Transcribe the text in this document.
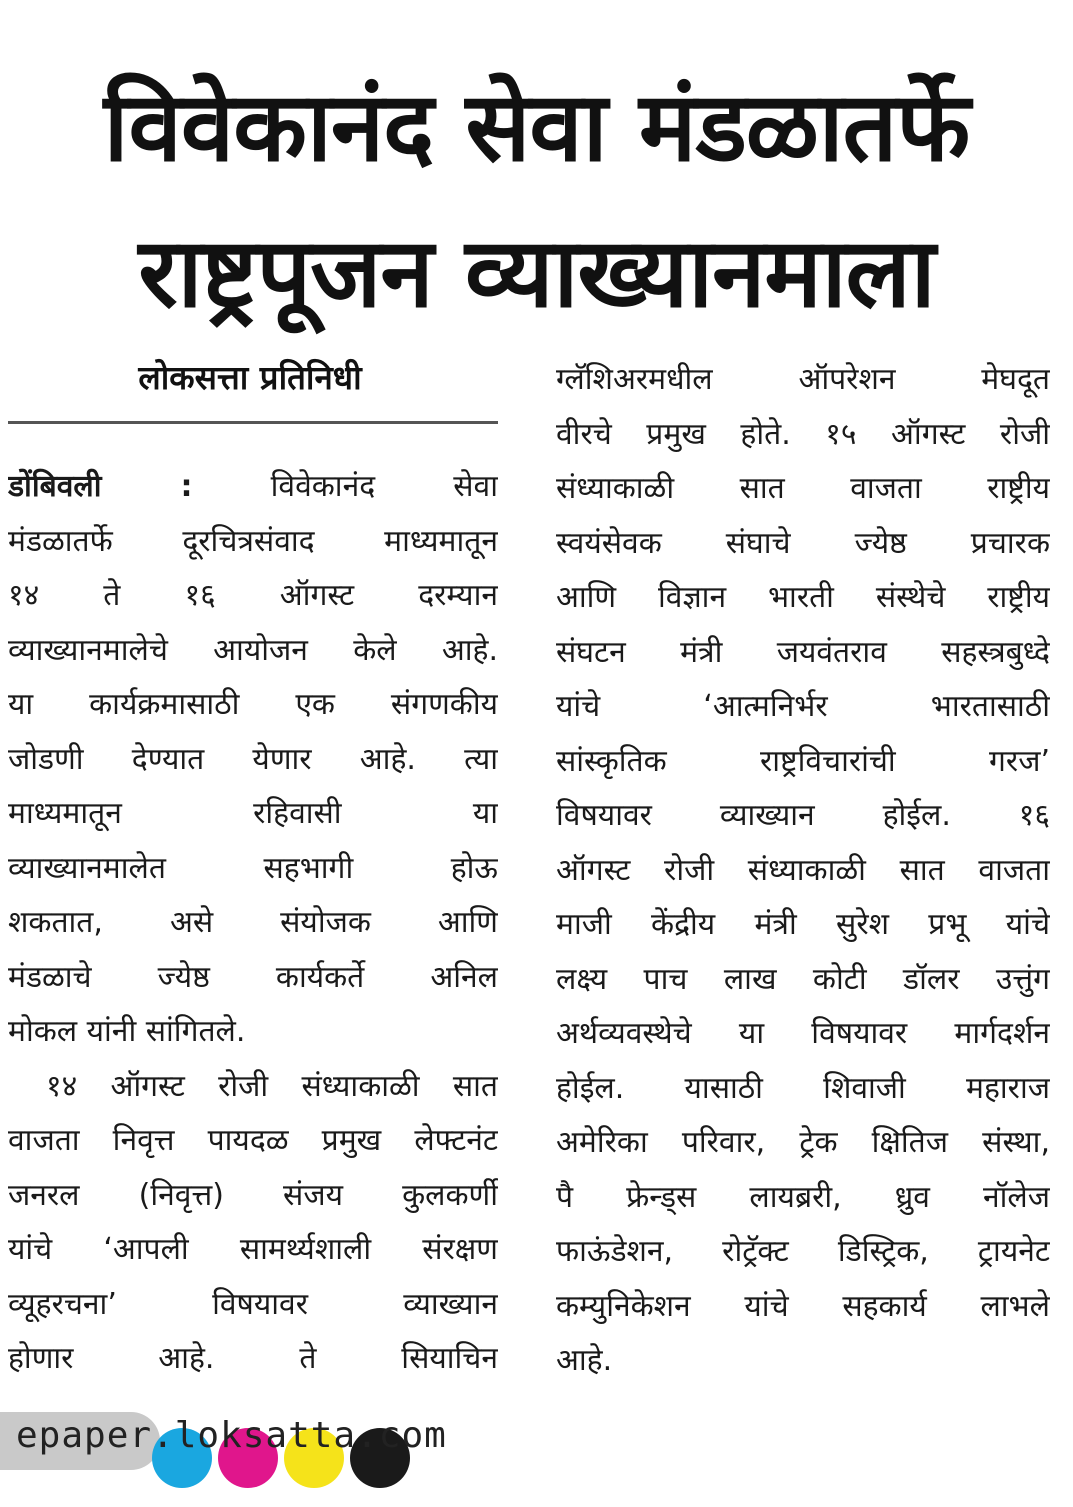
विवेकानंद सेवा मंडळातर्फे
राष्ट्रपूजन व्याख्यानमाला
लोकसत्ता प्रतिनिधी
डोंबिवली :	विवेकानंद सेवा
मंडळातर्फे दूरचित्रसंवाद माध्यमातून
१४ ते १६ ऑगस्ट दरम्यान
व्याख्यानमालेचे आयोजन केले आहे.
या कार्यक्रमासाठी एक संगणकीय
जोडणी देण्यात येणार आहे. त्या
माध्यमातून रहिवासी या
व्याख्यानमालेत सहभागी होऊ
शकतात, असे संयोजक आणि
मंडळाचे ज्येष्ठ कार्यकर्ते अनिल
मोकल यांनी सांगितले.
१४ ऑगस्ट रोजी संध्याकाळी सात
वाजता निवृत्त पायदळ प्रमुख लेफ्टनंट
जनरल (निवृत्त) संजय कुलकर्णी
यांचे ‘आपली सामर्थ्यशाली संरक्षण
व्यूहरचना’ विषयावर व्याख्यान
होणार आहे. ते सियाचिन
ग्लॅशिअरमधील ऑपरेशन मेघदूत
वीरचे प्रमुख होते. १५ ऑगस्ट रोजी
संध्याकाळी सात वाजता राष्ट्रीय
स्वयंसेवक संघाचे ज्येष्ठ प्रचारक
आणि विज्ञान भारती संस्थेचे राष्ट्रीय
संघटन मंत्री जयवंतराव सहस्त्रबुध्दे
यांचे ‘आत्मनिर्भर भारतासाठी
सांस्कृतिक राष्ट्रविचारांची गरज’
विषयावर व्याख्यान होईल. १६
ऑगस्ट रोजी संध्याकाळी सात वाजता
माजी केंद्रीय मंत्री सुरेश प्रभू यांचे
लक्ष्य पाच लाख कोटी डॉलर उत्तुंग
अर्थव्यवस्थेचे या विषयावर मार्गदर्शन
होईल. यासाठी शिवाजी महाराज
अमेरिका परिवार, ट्रेक क्षितिज संस्था,
पै फ्रेन्ड्स लायब्ररी, ध्रुव नॉलेज
फाऊंडेशन, रोट्रॅक्ट डिस्ट्रिक, ट्रायनेट
कम्युनिकेशन यांचे सहकार्य लाभले
आहे.
epaper.loksatta.com
